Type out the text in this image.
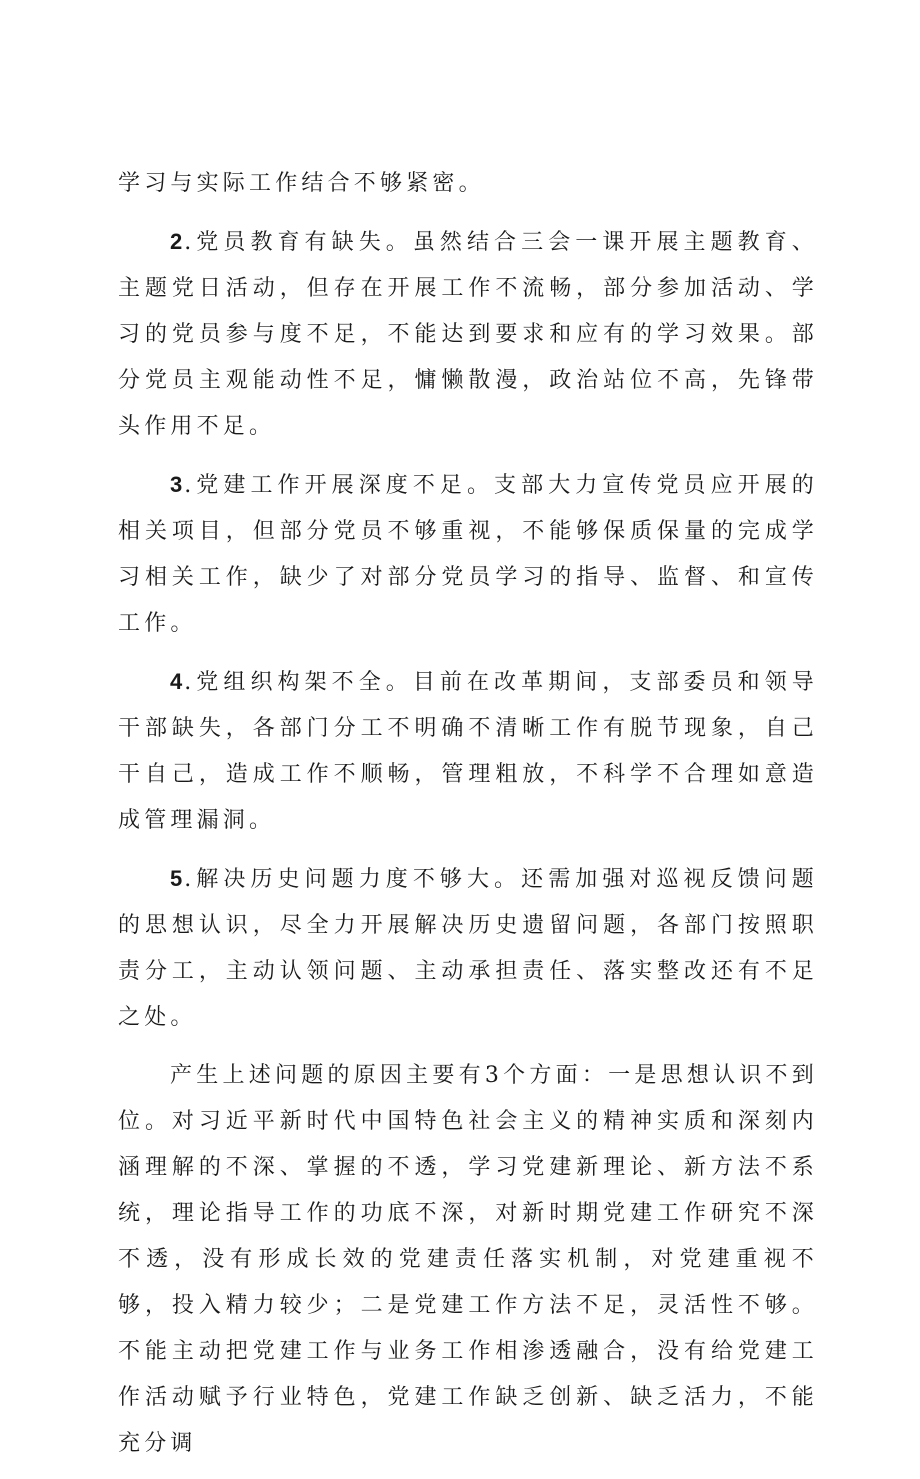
学习与实际工作结合不够紧密。

2.党员教育有缺失。虽然结合三会一课开展主题教育、主题党日活动，但存在开展工作不流畅，部分参加活动、学习的党员参与度不足，不能达到要求和应有的学习效果。部分党员主观能动性不足，慵懒散漫，政治站位不高，先锋带头作用不足。

3.党建工作开展深度不足。支部大力宣传党员应开展的相关项目，但部分党员不够重视，不能够保质保量的完成学习相关工作，缺少了对部分党员学习的指导、监督、和宣传工作。

4.党组织构架不全。目前在改革期间，支部委员和领导干部缺失，各部门分工不明确不清晰工作有脱节现象，自己干自己，造成工作不顺畅，管理粗放，不科学不合理如意造成管理漏洞。

5.解决历史问题力度不够大。还需加强对巡视反馈问题的思想认识，尽全力开展解决历史遗留问题，各部门按照职责分工，主动认领问题、主动承担责任、落实整改还有不足之处。

产生上述问题的原因主要有3个方面：一是思想认识不到位。对习近平新时代中国特色社会主义的精神实质和深刻内涵理解的不深、掌握的不透，学习党建新理论、新方法不系统，理论指导工作的功底不深，对新时期党建工作研究不深不透，没有形成长效的党建责任落实机制，对党建重视不够，投入精力较少；二是党建工作方法不足，灵活性不够。不能主动把党建工作与业务工作相渗透融合，没有给党建工作活动赋予行业特色，党建工作缺乏创新、缺乏活力，不能充分调
